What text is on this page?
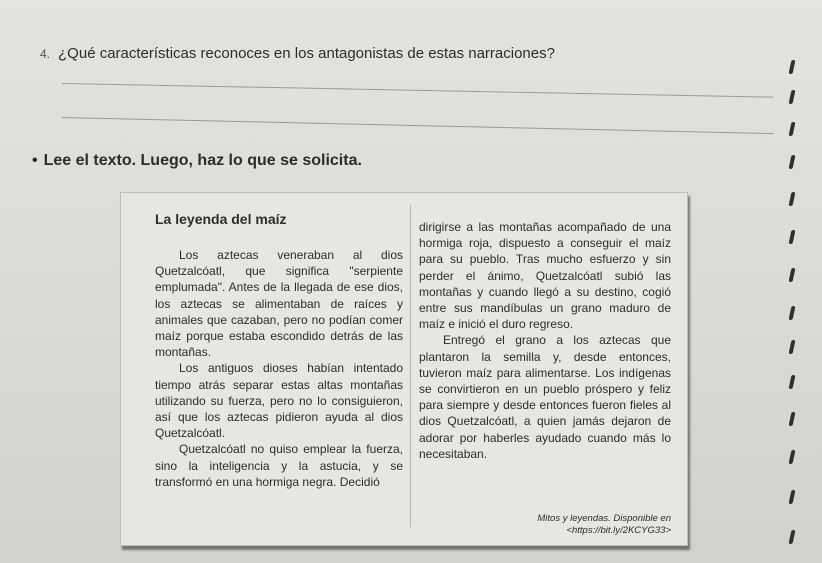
4. ¿Qué características reconoces en los antagonistas de estas narraciones?
• Lee el texto. Luego, haz lo que se solicita.
La leyenda del maíz

Los aztecas veneraban al dios Quetzalcóatl, que significa "serpiente emplumada". Antes de la llegada de ese dios, los aztecas se alimentaban de raíces y animales que cazaban, pero no podían comer maíz porque estaba escondido detrás de las montañas.

Los antiguos dioses habían intentado tiempo atrás separar estas altas montañas utilizando su fuerza, pero no lo consiguieron, así que los aztecas pidieron ayuda al dios Quetzalcóatl.

Quetzalcóatl no quiso emplear la fuerza, sino la inteligencia y la astucia, y se transformó en una hormiga negra. Decidió

dirigirse a las montañas acompañado de una hormiga roja, dispuesto a conseguir el maíz para su pueblo. Tras mucho esfuerzo y sin perder el ánimo, Quetzalcóatl subió las montañas y cuando llegó a su destino, cogió entre sus mandíbulas un grano maduro de maíz e inició el duro regreso.

Entregó el grano a los aztecas que plantaron la semilla y, desde entonces, tuvieron maíz para alimentarse. Los indígenas se convirtieron en un pueblo próspero y feliz para siempre y desde entonces fueron fieles al dios Quetzalcóatl, a quien jamás dejaron de adorar por haberles ayudado cuando más lo necesitaban.

Mitos y leyendas. Disponible en
<https://bit.ly/2KCYG33>
